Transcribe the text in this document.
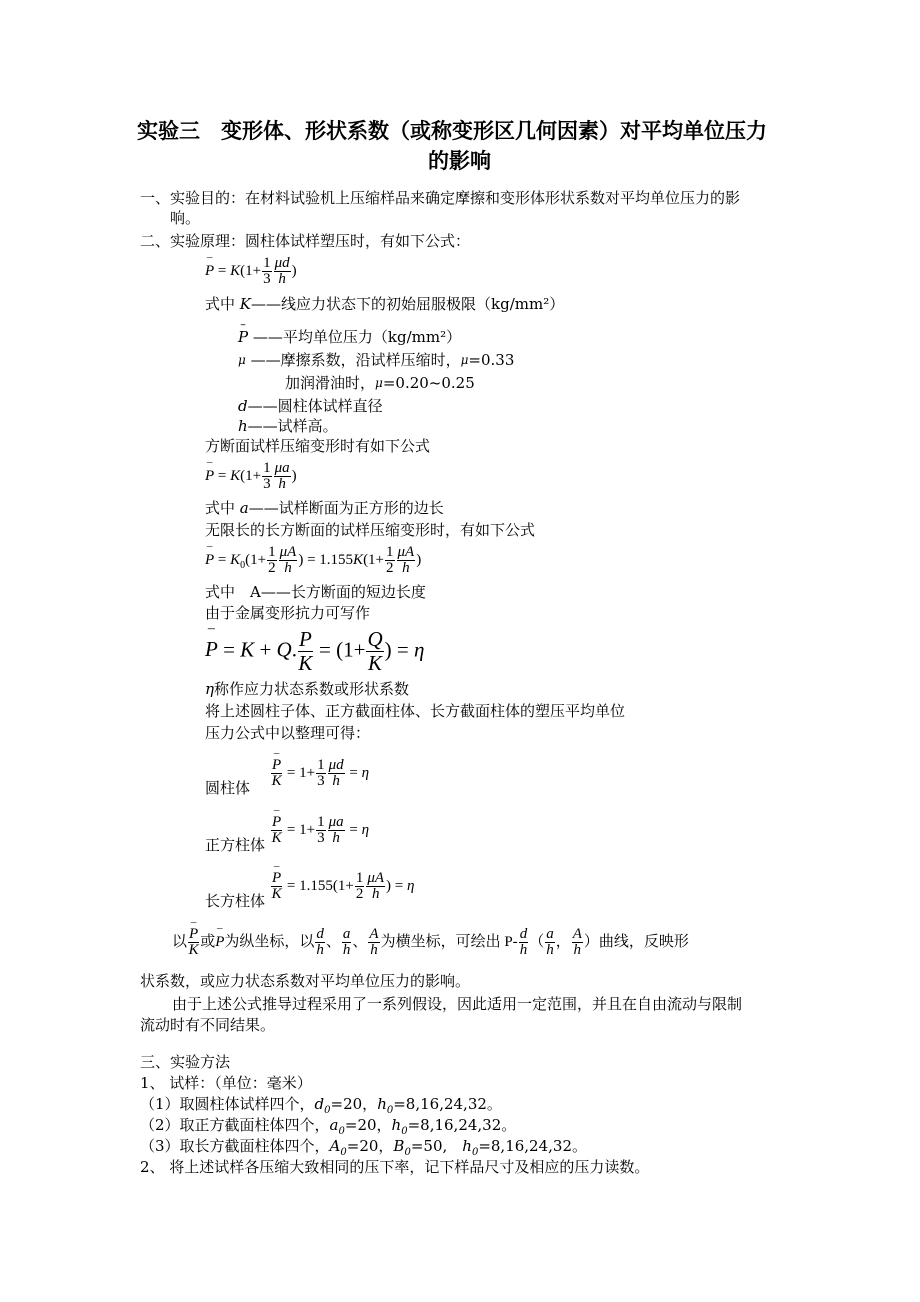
实验三　变形体、形状系数（或称变形区几何因素）对平均单位压力
的影响
一、实验目的：在材料试验机上压缩样品来确定摩擦和变形体形状系数对平均单位压力的影
响。
二、实验原理：圆柱体试样塑压时，有如下公式：
– $P = K(1+ \frac{1}{3} \frac{\mu d}{h}$ )
式中 K——线应力状态下的初始屈服极限（kg/mm²）
– P ——平均单位压力（kg/mm²）
$^\mu$ ——摩擦系数，沿试样压缩时，$^\mu$=0.33
加润滑油时，$^\mu$=0.20~0.25
d——圆柱体试样直径
h——试样高。
方断面试样压缩变形时有如下公式
– $P = K(1+ \frac{1}{3} \frac{\mu a}{h}$ )
式中 a——试样断面为正方形的边长
无限长的长方断面的试样压缩变形时，有如下公式
– $P = K_0(1+ \frac{1}{2} \frac{\mu A}{h}$ ) = $1.155K(1+ \frac{1}{2} \frac{\mu A}{h}$ )
式中　A——长方断面的短边长度
由于金属变形抗力可写作
– P = K + Q. $\frac{P}{K} = (1+ \frac{Q}{K}$ ) = η
η称作应力状态系数或形状系数
将上述圆柱子体、正方截面柱体、长方截面柱体的塑压平均单位
压力公式中以整理可得：
圆柱体 – $\frac{P}{K} = 1+ \frac{1}{3} \frac{\mu d}{h} = \eta$
正方柱体 – $\frac{P}{K} = 1+ \frac{1}{3} \frac{\mu a}{h} = \eta$
长方柱体 – $\frac{P}{K} = 1.155(1+ \frac{1}{2} \frac{\mu A}{h}$ ) = η
以 – $\frac{P}{K}$ 或– P为纵坐标，以 $\frac{d}{h}$ 、 $\frac{a}{h}$ 、 $\frac{A}{h}$ 为横坐标，可绘出 $P- \frac{d}{h}$ （ $\frac{a}{h}$ ， $\frac{A}{h}$ ）曲线，反映形
状系数，或应力状态系数对平均单位压力的影响。
由于上述公式推导过程采用了一系列假设，因此适用一定范围，并且在自由流动与限制
流动时有不同结果。
三、实验方法
1、 试样：（单位：毫米）
（1）取圆柱体试样四个，$d_0=20$，$h_0=8,16,24,32$。
（2）取正方截面柱体四个，$a_0=20$，$h_0=8,16,24,32$。
（3）取长方截面柱体四个，$A_0=20$，$B_0=50$,　$h_0=8,16,24,32$。
2、 将上述试样各压缩大致相同的压下率，记下样品尺寸及相应的压力读数。
